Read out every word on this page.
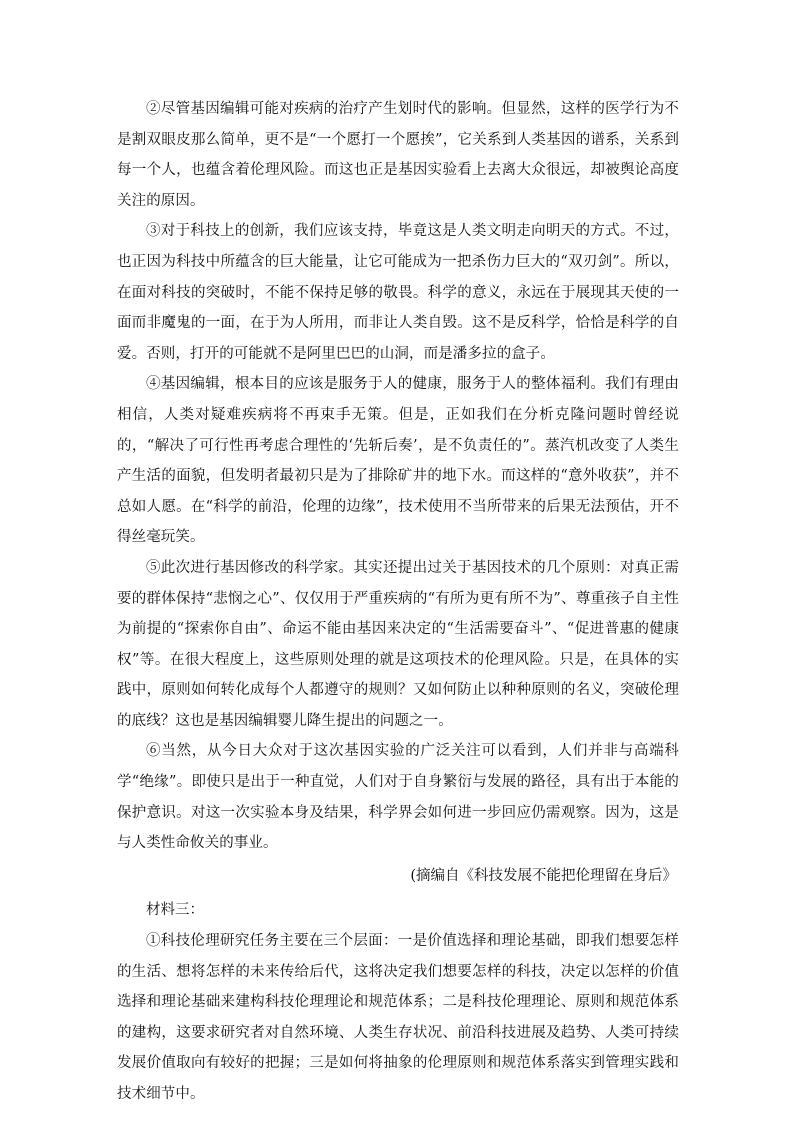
②尽管基因编辑可能对疾病的治疗产生划时代的影响。但显然，这样的医学行为不是割双眼皮那么简单，更不是“一个愿打一个愿挨”，它关系到人类基因的谱系，关系到每一个人，也蕴含着伦理风险。而这也正是基因实验看上去离大众很远，却被舆论高度关注的原因。

③对于科技上的创新，我们应该支持，毕竟这是人类文明走向明天的方式。不过，也正因为科技中所蕴含的巨大能量，让它可能成为一把杀伤力巨大的“双刃剑”。所以，在面对科技的突破时，不能不保持足够的敬畏。科学的意义，永远在于展现其天使的一面而非魔鬼的一面，在于为人所用，而非让人类自毁。这不是反科学，恰恰是科学的自爱。否则，打开的可能就不是阿里巴巴的山洞，而是潘多拉的盒子。

④基因编辑，根本目的应该是服务于人的健康，服务于人的整体福利。我们有理由相信，人类对疑难疾病将不再束手无策。但是，正如我们在分析克隆问题时曾经说的，“解决了可行性再考虑合理性的‘先斩后奏’，是不负责任的”。蒸汽机改变了人类生产生活的面貌，但发明者最初只是为了排除矿井的地下水。而这样的“意外收获”，并不总如人愿。在“科学的前沿，伦理的边缘”，技术使用不当所带来的后果无法预估，开不得丝毫玩笑。

⑤此次进行基因修改的科学家。其实还提出过关于基因技术的几个原则：对真正需要的群体保持“悲悯之心”、仅仅用于严重疾病的“有所为更有所不为”、尊重孩子自主性为前提的“探索你自由”、命运不能由基因来决定的“生活需要奋斗”、“促进普惠的健康权”等。在很大程度上，这些原则处理的就是这项技术的伦理风险。只是，在具体的实践中，原则如何转化成每个人都遵守的规则？又如何防止以种种原则的名义，突破伦理的底线？这也是基因编辑婴儿降生提出的问题之一。

⑥当然，从今日大众对于这次基因实验的广泛关注可以看到，人们并非与高端科学“绝缘”。即使只是出于一种直觉，人们对于自身繁衍与发展的路径，具有出于本能的保护意识。对这一次实验本身及结果，科学界会如何进一步回应仍需观察。因为，这是与人类性命攸关的事业。

(摘编自《科技发展不能把伦理留在身后》

材料三：

①科技伦理研究任务主要在三个层面：一是价值选择和理论基础，即我们想要怎样的生活、想将怎样的未来传给后代，这将决定我们想要怎样的科技，决定以怎样的价值选择和理论基础来建构科技伦理理论和规范体系；二是科技伦理理论、原则和规范体系的建构，这要求研究者对自然环境、人类生存状况、前沿科技进展及趋势、人类可持续发展价值取向有较好的把握；三是如何将抽象的伦理原则和规范体系落实到管理实践和技术细节中。
